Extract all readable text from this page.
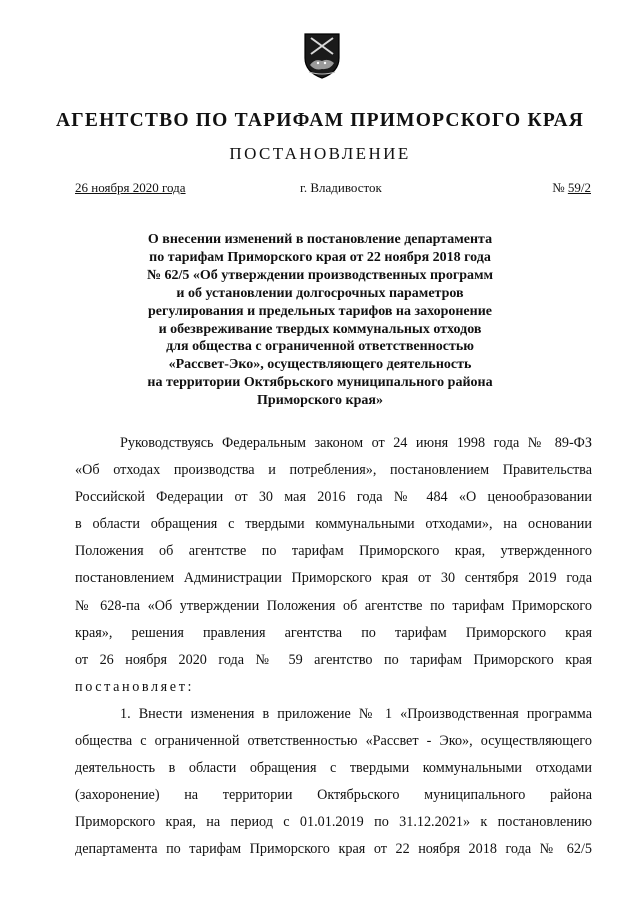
АГЕНТСТВО ПО ТАРИФАМ ПРИМОРСКОГО КРАЯ
ПОСТАНОВЛЕНИЕ
26 ноября 2020 года	г. Владивосток	№ 59/2
О внесении изменений в постановление департамента
по тарифам Приморского края от 22 ноября 2018 года
№ 62/5 «Об утверждении производственных программ
и об установлении долгосрочных параметров
регулирования и предельных тарифов на захоронение
и обезвреживание твердых коммунальных отходов
для общества с ограниченной ответственностью
«Рассвет-Эко», осуществляющего деятельность
на территории Октябрьского муниципального района
Приморского края»
Руководствуясь Федеральным законом от 24 июня 1998 года № 89-ФЗ
«Об отходах производства и потребления», постановлением Правительства
Российской Федерации от 30 мая 2016 года № 484 «О ценообразовании
в области обращения с твердыми коммунальными отходами», на основании
Положения об агентстве по тарифам Приморского края, утвержденного
постановлением Администрации Приморского края от 30 сентября 2019 года
№ 628-па «Об утверждении Положения об агентстве по тарифам Приморского
края», решения правления агентства по тарифам Приморского края
от 26 ноября 2020 года № 59 агентство по тарифам Приморского края
постановляет:
1. Внести изменения в приложение № 1 «Производственная программа
общества с ограниченной ответственностью «Рассвет - Эко», осуществляющего
деятельность в области обращения с твердыми коммунальными отходами
(захоронение) на территории Октябрьского муниципального района
Приморского края, на период с 01.01.2019 по 31.12.2021» к постановлению
департамента по тарифам Приморского края от 22 ноября 2018 года № 62/5
